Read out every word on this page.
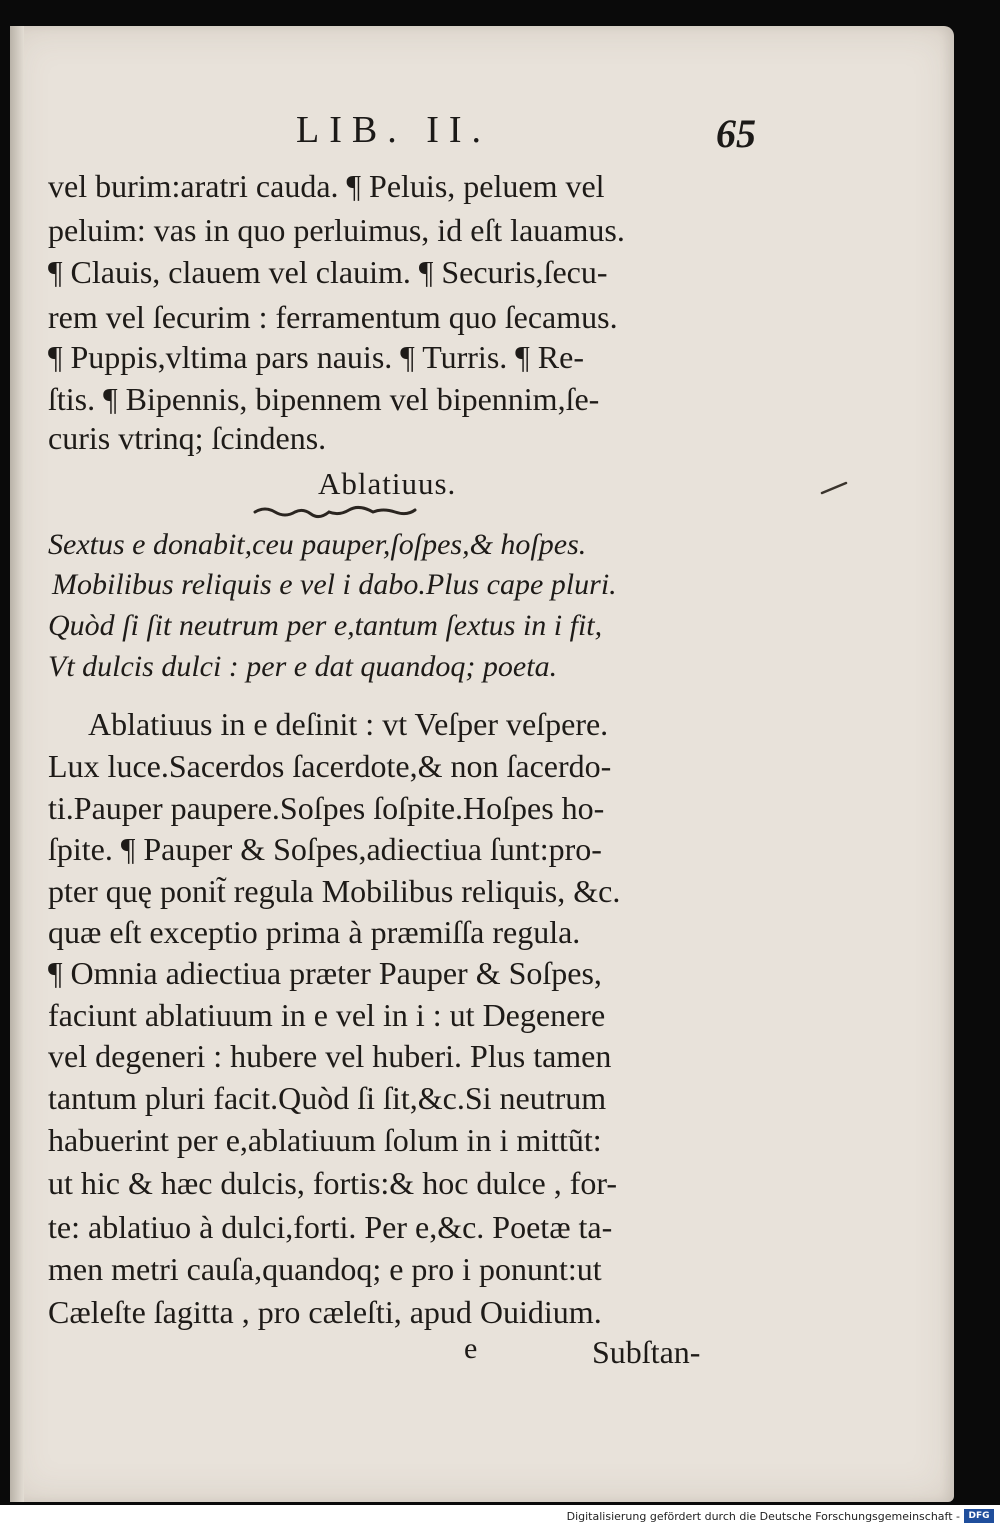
LIB. II.	65

vel burim:aratri cauda. ¶ Peluis, peluem vel

peluim: vas in quo perluimus, id eſt lauamus.

¶ Clauis, clauem vel clauim. ¶ Securis,ſecu-

rem vel ſecurim : ferramentum quo ſecamus.

¶ Puppis,vltima pars nauis. ¶ Turris. ¶ Re-

ſtis. ¶ Bipennis, bipennem vel bipennim,ſe-

curis vtrinq; ſcindens.

Ablatiuus.

Sextus e donabit,ceu pauper,ſoſpes,& hoſpes.

Mobilibus reliquis e vel i dabo.Plus cape pluri.

Quòd ſi ſit neutrum per e,tantum ſextus in i fit,

Vt dulcis dulci : per e dat quandoq; poeta.

Ablatiuus in e deſinit : vt Veſper veſpere.

Lux luce.Sacerdos ſacerdote,& non ſacerdo-

ti.Pauper paupere.Soſpes ſoſpite.Hoſpes ho-

ſpite. ¶ Pauper & Soſpes,adiectiua ſunt:pro-

pter quę ponit̃ regula Mobilibus reliquis, &c.

quæ eſt exceptio prima à præmiſſa regula.

¶ Omnia adiectiua præter Pauper & Soſpes,

faciunt ablatiuum in e vel in i : ut Degenere

vel degeneri : hubere vel huberi. Plus tamen

tantum pluri facit.Quòd ſi ſit,&c.Si neutrum

habuerint per e,ablatiuum ſolum in i mittũt:

ut hic & hæc dulcis, fortis:& hoc dulce , for-

te: ablatiuo à dulci,forti. Per e,&c. Poetæ ta-

men metri cauſa,quandoq; e pro i ponunt:ut

Cæleſte ſagitta , pro cæleſti, apud Ouidium.

e	Subſtan-
Digitalisierung gefördert durch die Deutsche Forschungsgemeinschaft - DFG
